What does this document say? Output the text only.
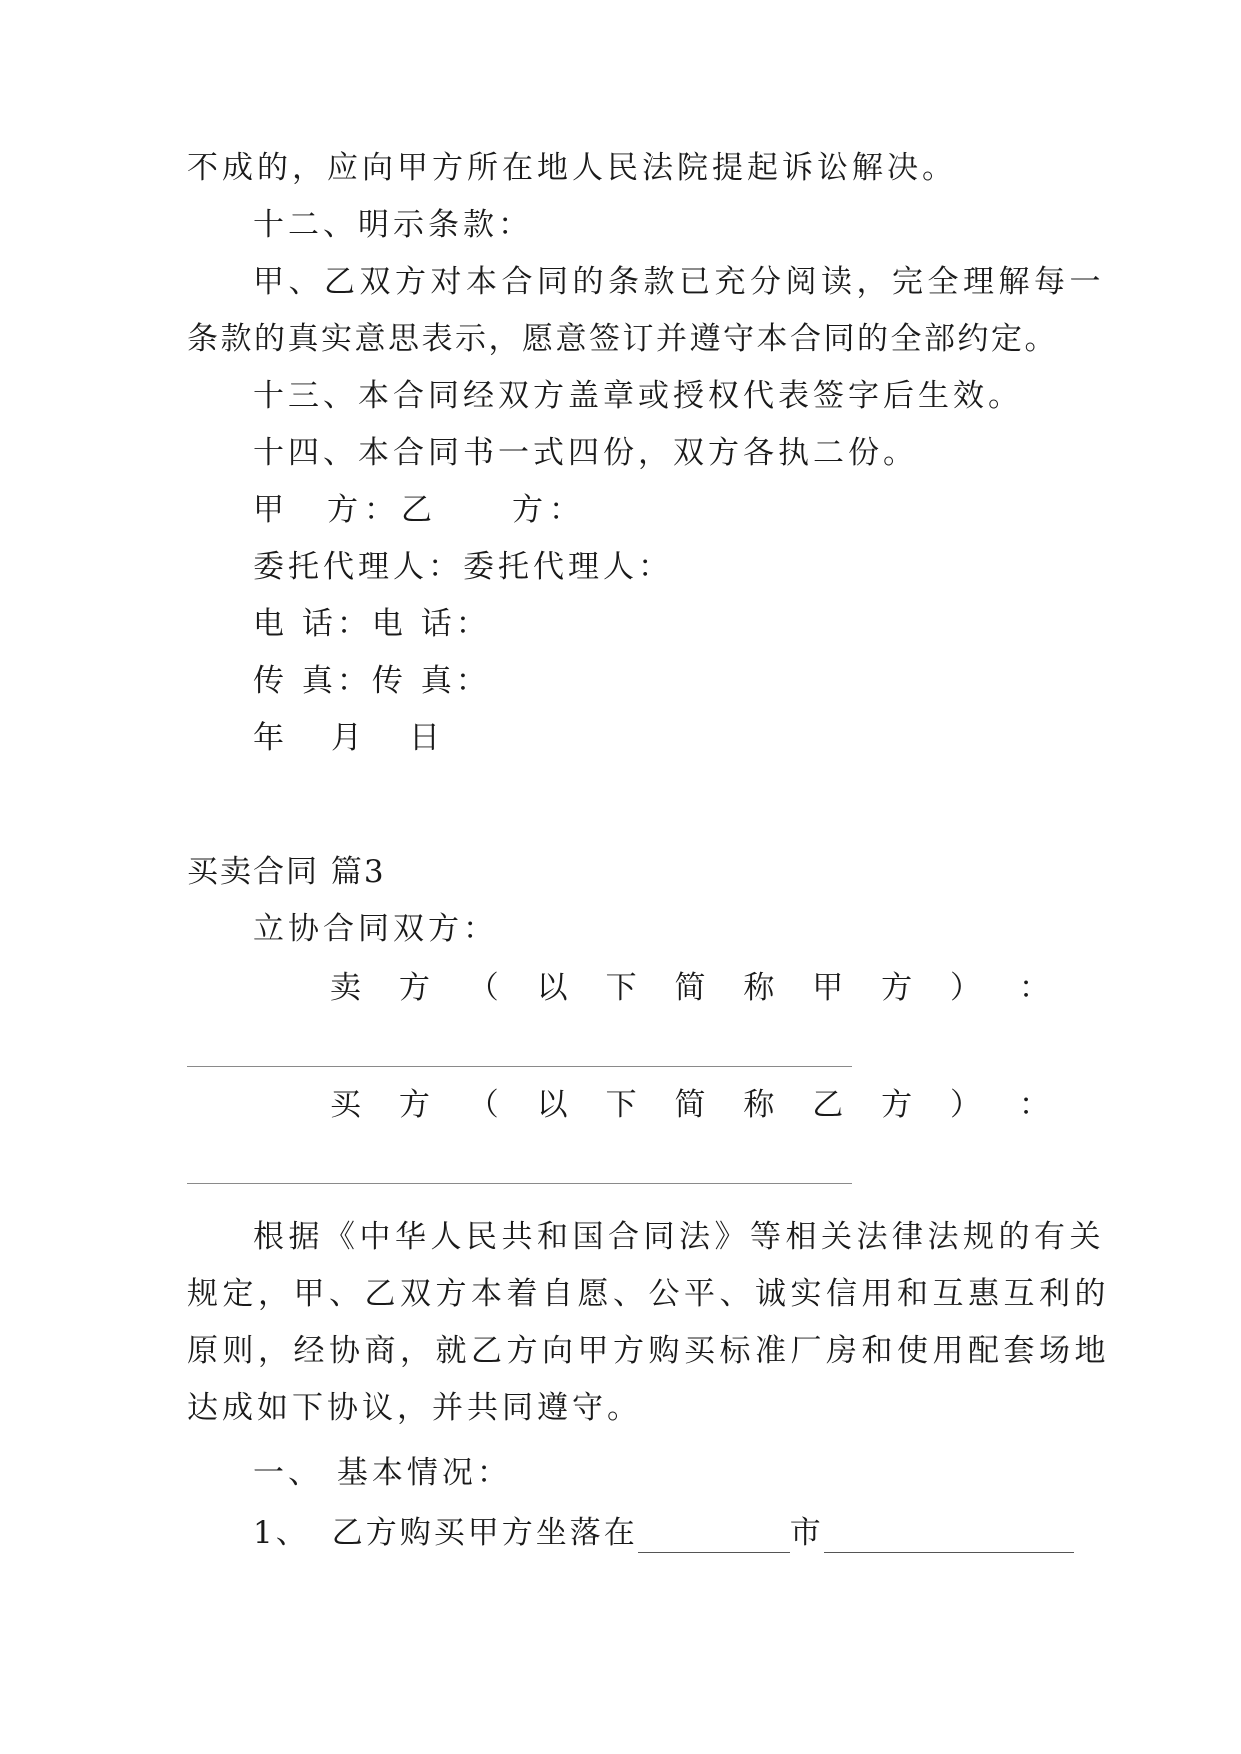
不成的，应向甲方所在地人民法院提起诉讼解决。
十二、明示条款：
甲、乙双方对本合同的条款已充分阅读，完全理解每一
条款的真实意思表示，愿意签订并遵守本合同的全部约定。
十三、本合同经双方盖章或授权代表签字后生效。
十四、本合同书一式四份，双方各执二份。
甲　方：乙　　方：
委托代理人：委托代理人：
电 话：电 话：
传 真：传 真：
年　月　日
买卖合同 篇3
立协合同双方：
卖 方 （ 以 下 简 称 甲 方 ） ：
买 方 （ 以 下 简 称 乙 方 ） ：
根据《中华人民共和国合同法》等相关法律法规的有关
规定，甲、乙双方本着自愿、公平、诚实信用和互惠互利的
原则，经协商，就乙方向甲方购买标准厂房和使用配套场地
达成如下协议，并共同遵守。
一、 基本情况：
1、 乙方购买甲方坐落在	市
